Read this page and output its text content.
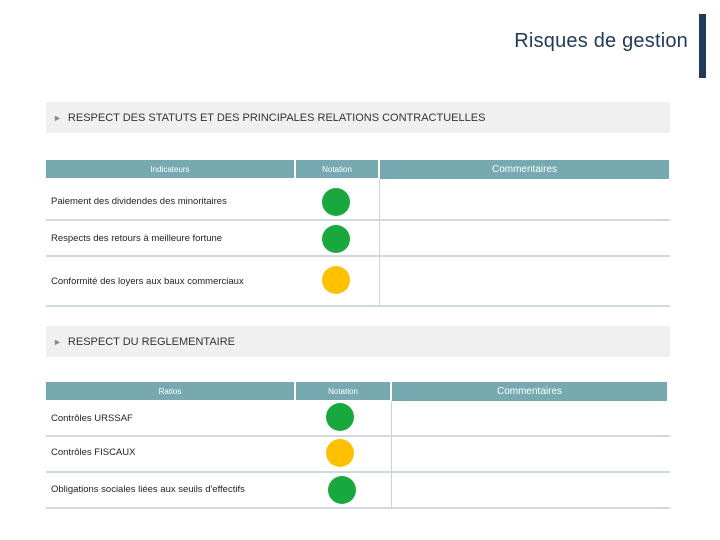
Risques de gestion
► RESPECT DES STATUTS ET DES PRINCIPALES RELATIONS CONTRACTUELLES
Indicateurs	Notation	Commentaires
Paiement des dividendes des minoritaires
Respects des retours à meilleure fortune
Conformité des loyers aux baux commerciaux
► RESPECT DU REGLEMENTAIRE
Ratios	Notation	Commentaires
Contrôles URSSAF
Contrôles FISCAUX
Obligations sociales liées aux seuils d'effectifs
